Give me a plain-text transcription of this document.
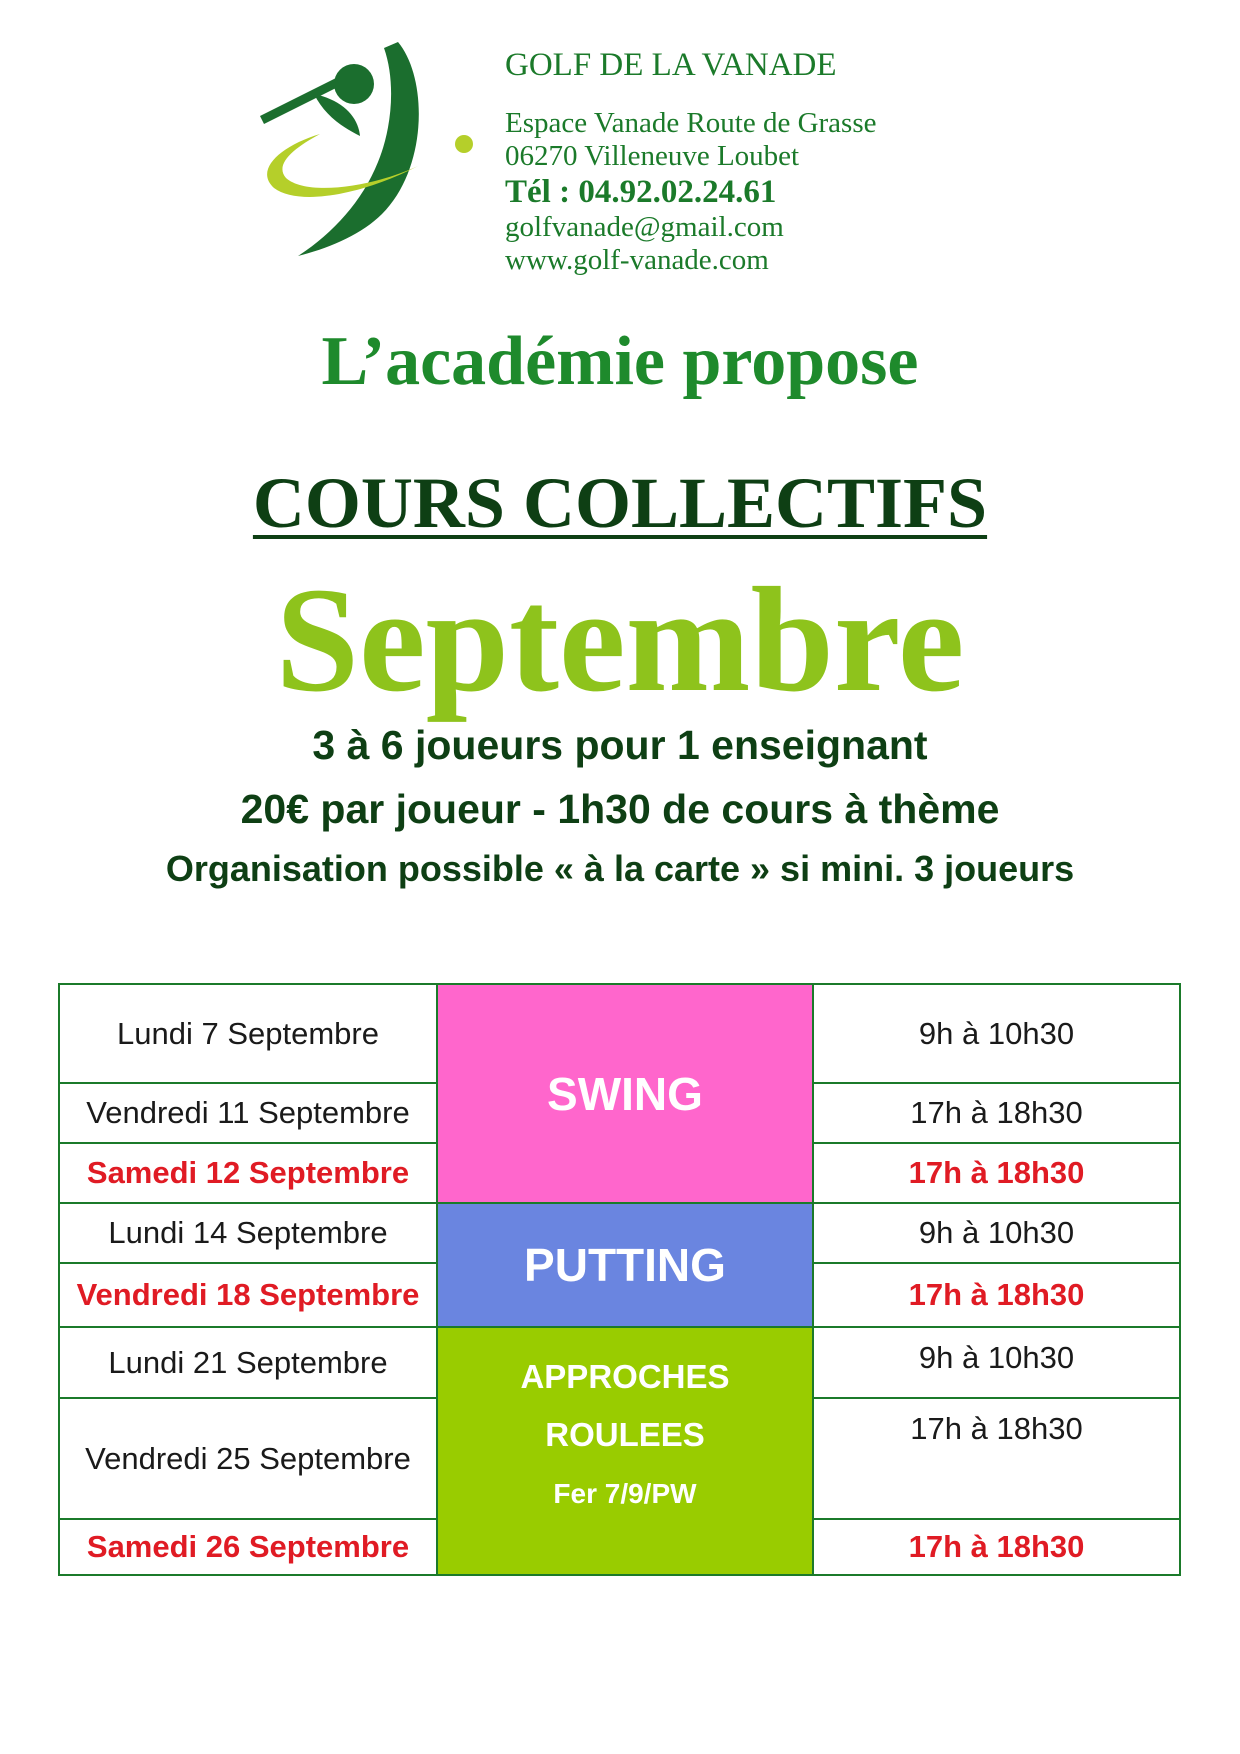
GOLF DE LA VANADE
Espace Vanade Route de Grasse
06270 Villeneuve Loubet
Tél : 04.92.02.24.61
golfvanade@gmail.com
www.golf-vanade.com
L’académie propose
COURS COLLECTIFS
Septembre
3 à 6 joueurs pour 1 enseignant
20€ par joueur - 1h30 de cours à thème
Organisation possible « à la carte » si mini. 3 joueurs
Lundi 7 Septembre
Vendredi 11 Septembre
Samedi 12 Septembre
Lundi 14 Septembre
Vendredi 18 Septembre
Lundi 21 Septembre
Vendredi 25 Septembre
Samedi 26 Septembre
SWING
PUTTING
APPROCHES
ROULEES
Fer 7/9/PW
9h à 10h30
17h à 18h30
17h à 18h30
9h à 10h30
17h à 18h30
9h à 10h30
17h à 18h30
17h à 18h30
